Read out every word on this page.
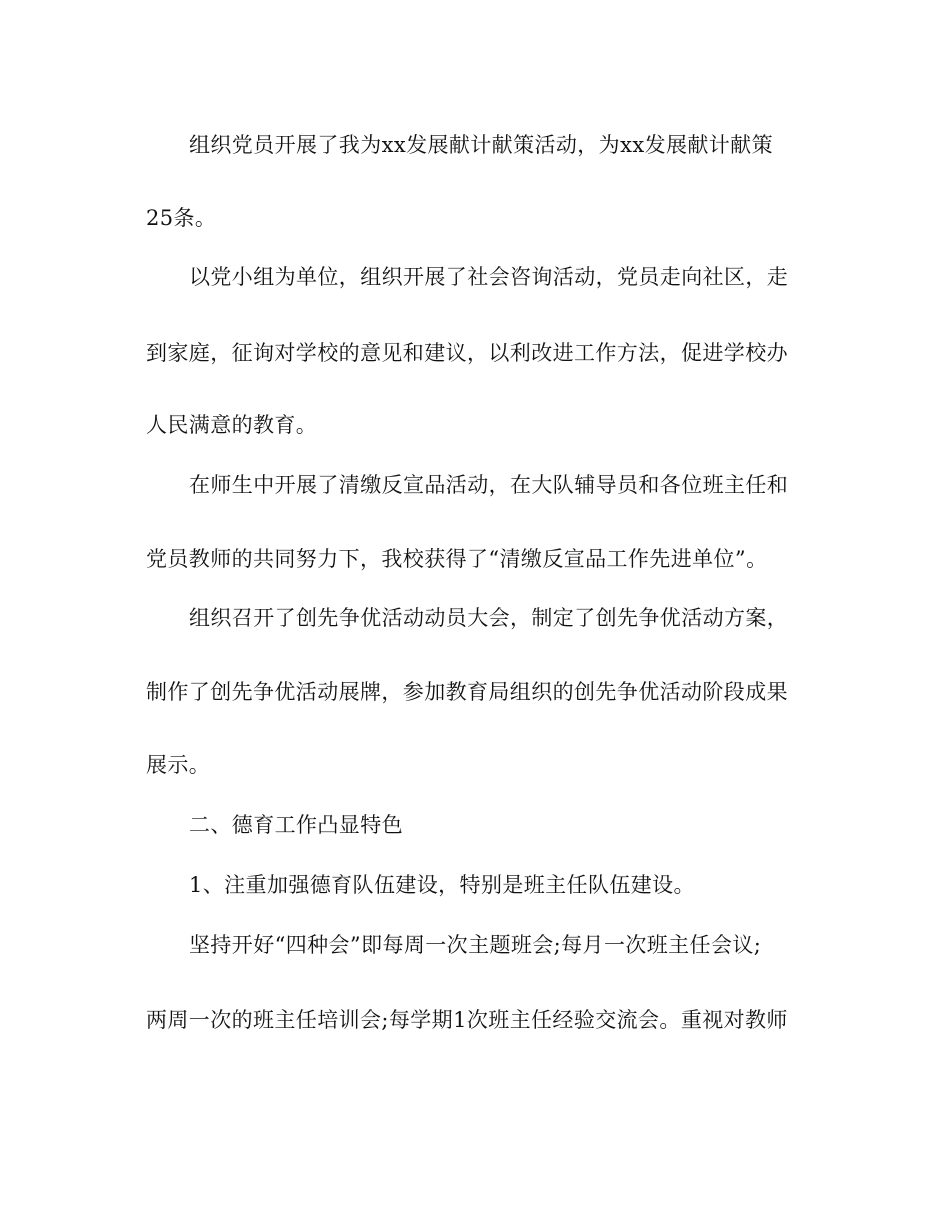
组织党员开展了我为xx发展献计献策活动，为xx发展献计献策
25条。
以党小组为单位，组织开展了社会咨询活动，党员走向社区，走
到家庭，征询对学校的意见和建议，以利改进工作方法，促进学校办
人民满意的教育。
在师生中开展了清缴反宣品活动，在大队辅导员和各位班主任和
党员教师的共同努力下，我校获得了“清缴反宣品工作先进单位”。
组织召开了创先争优活动动员大会，制定了创先争优活动方案，
制作了创先争优活动展牌，参加教育局组织的创先争优活动阶段成果
展示。
二、德育工作凸显特色
1、注重加强德育队伍建设，特别是班主任队伍建设。
坚持开好“四种会”即每周一次主题班会;每月一次班主任会议;
两周一次的班主任培训会;每学期1次班主任经验交流会。重视对教师
